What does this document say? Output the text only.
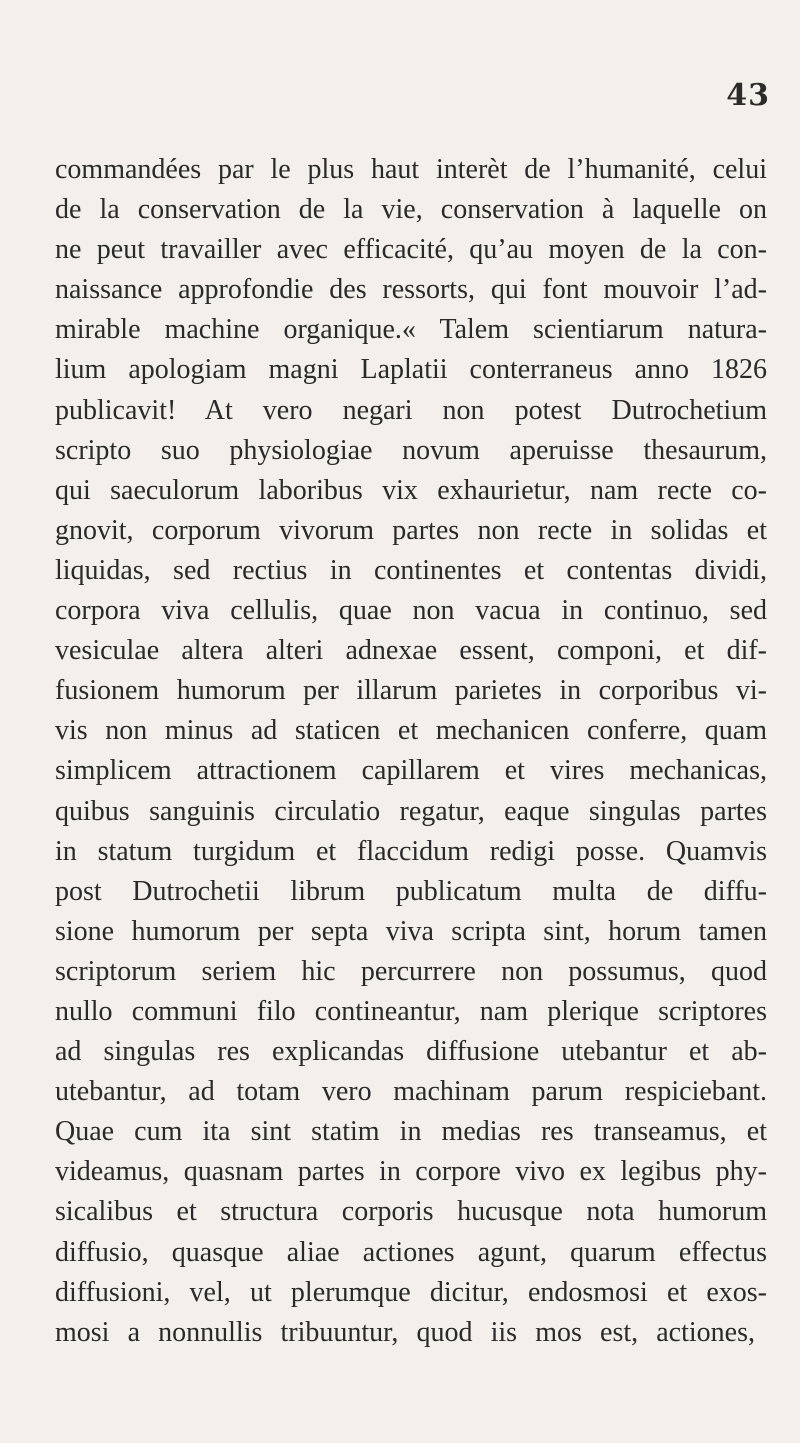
43
commandées par le plus haut interèt de l’humanité, celui
de la conservation de la vie, conservation à laquelle on
ne peut travailler avec efficacité, qu’au moyen de la con-
naissance approfondie des ressorts, qui font mouvoir l’ad-
mirable machine organique.« Talem scientiarum natura-
lium apologiam magni Laplatii conterraneus anno 1826
publicavit! At vero negari non potest Dutrochetium
scripto suo physiologiae novum aperuisse thesaurum,
qui saeculorum laboribus vix exhaurietur, nam recte co-
gnovit, corporum vivorum partes non recte in solidas et
liquidas, sed rectius in continentes et contentas dividi,
corpora viva cellulis, quae non vacua in continuo, sed
vesiculae altera alteri adnexae essent, componi, et dif-
fusionem humorum per illarum parietes in corporibus vi-
vis non minus ad staticen et mechanicen conferre, quam
simplicem attractionem capillarem et vires mechanicas,
quibus sanguinis circulatio regatur, eaque singulas partes
in statum turgidum et flaccidum redigi posse. Quamvis
post Dutrochetii librum publicatum multa de diffu-
sione humorum per septa viva scripta sint, horum tamen
scriptorum seriem hic percurrere non possumus, quod
nullo communi filo contineantur, nam plerique scriptores
ad singulas res explicandas diffusione utebantur et ab-
utebantur, ad totam vero machinam parum respiciebant.
Quae cum ita sint statim in medias res transeamus, et
videamus, quasnam partes in corpore vivo ex legibus phy-
sicalibus et structura corporis hucusque nota humorum
diffusio, quasque aliae actiones agunt, quarum effectus
diffusioni, vel, ut plerumque dicitur, endosmosi et exos-
mosi a nonnullis tribuuntur, quod iis mos est, actiones,
